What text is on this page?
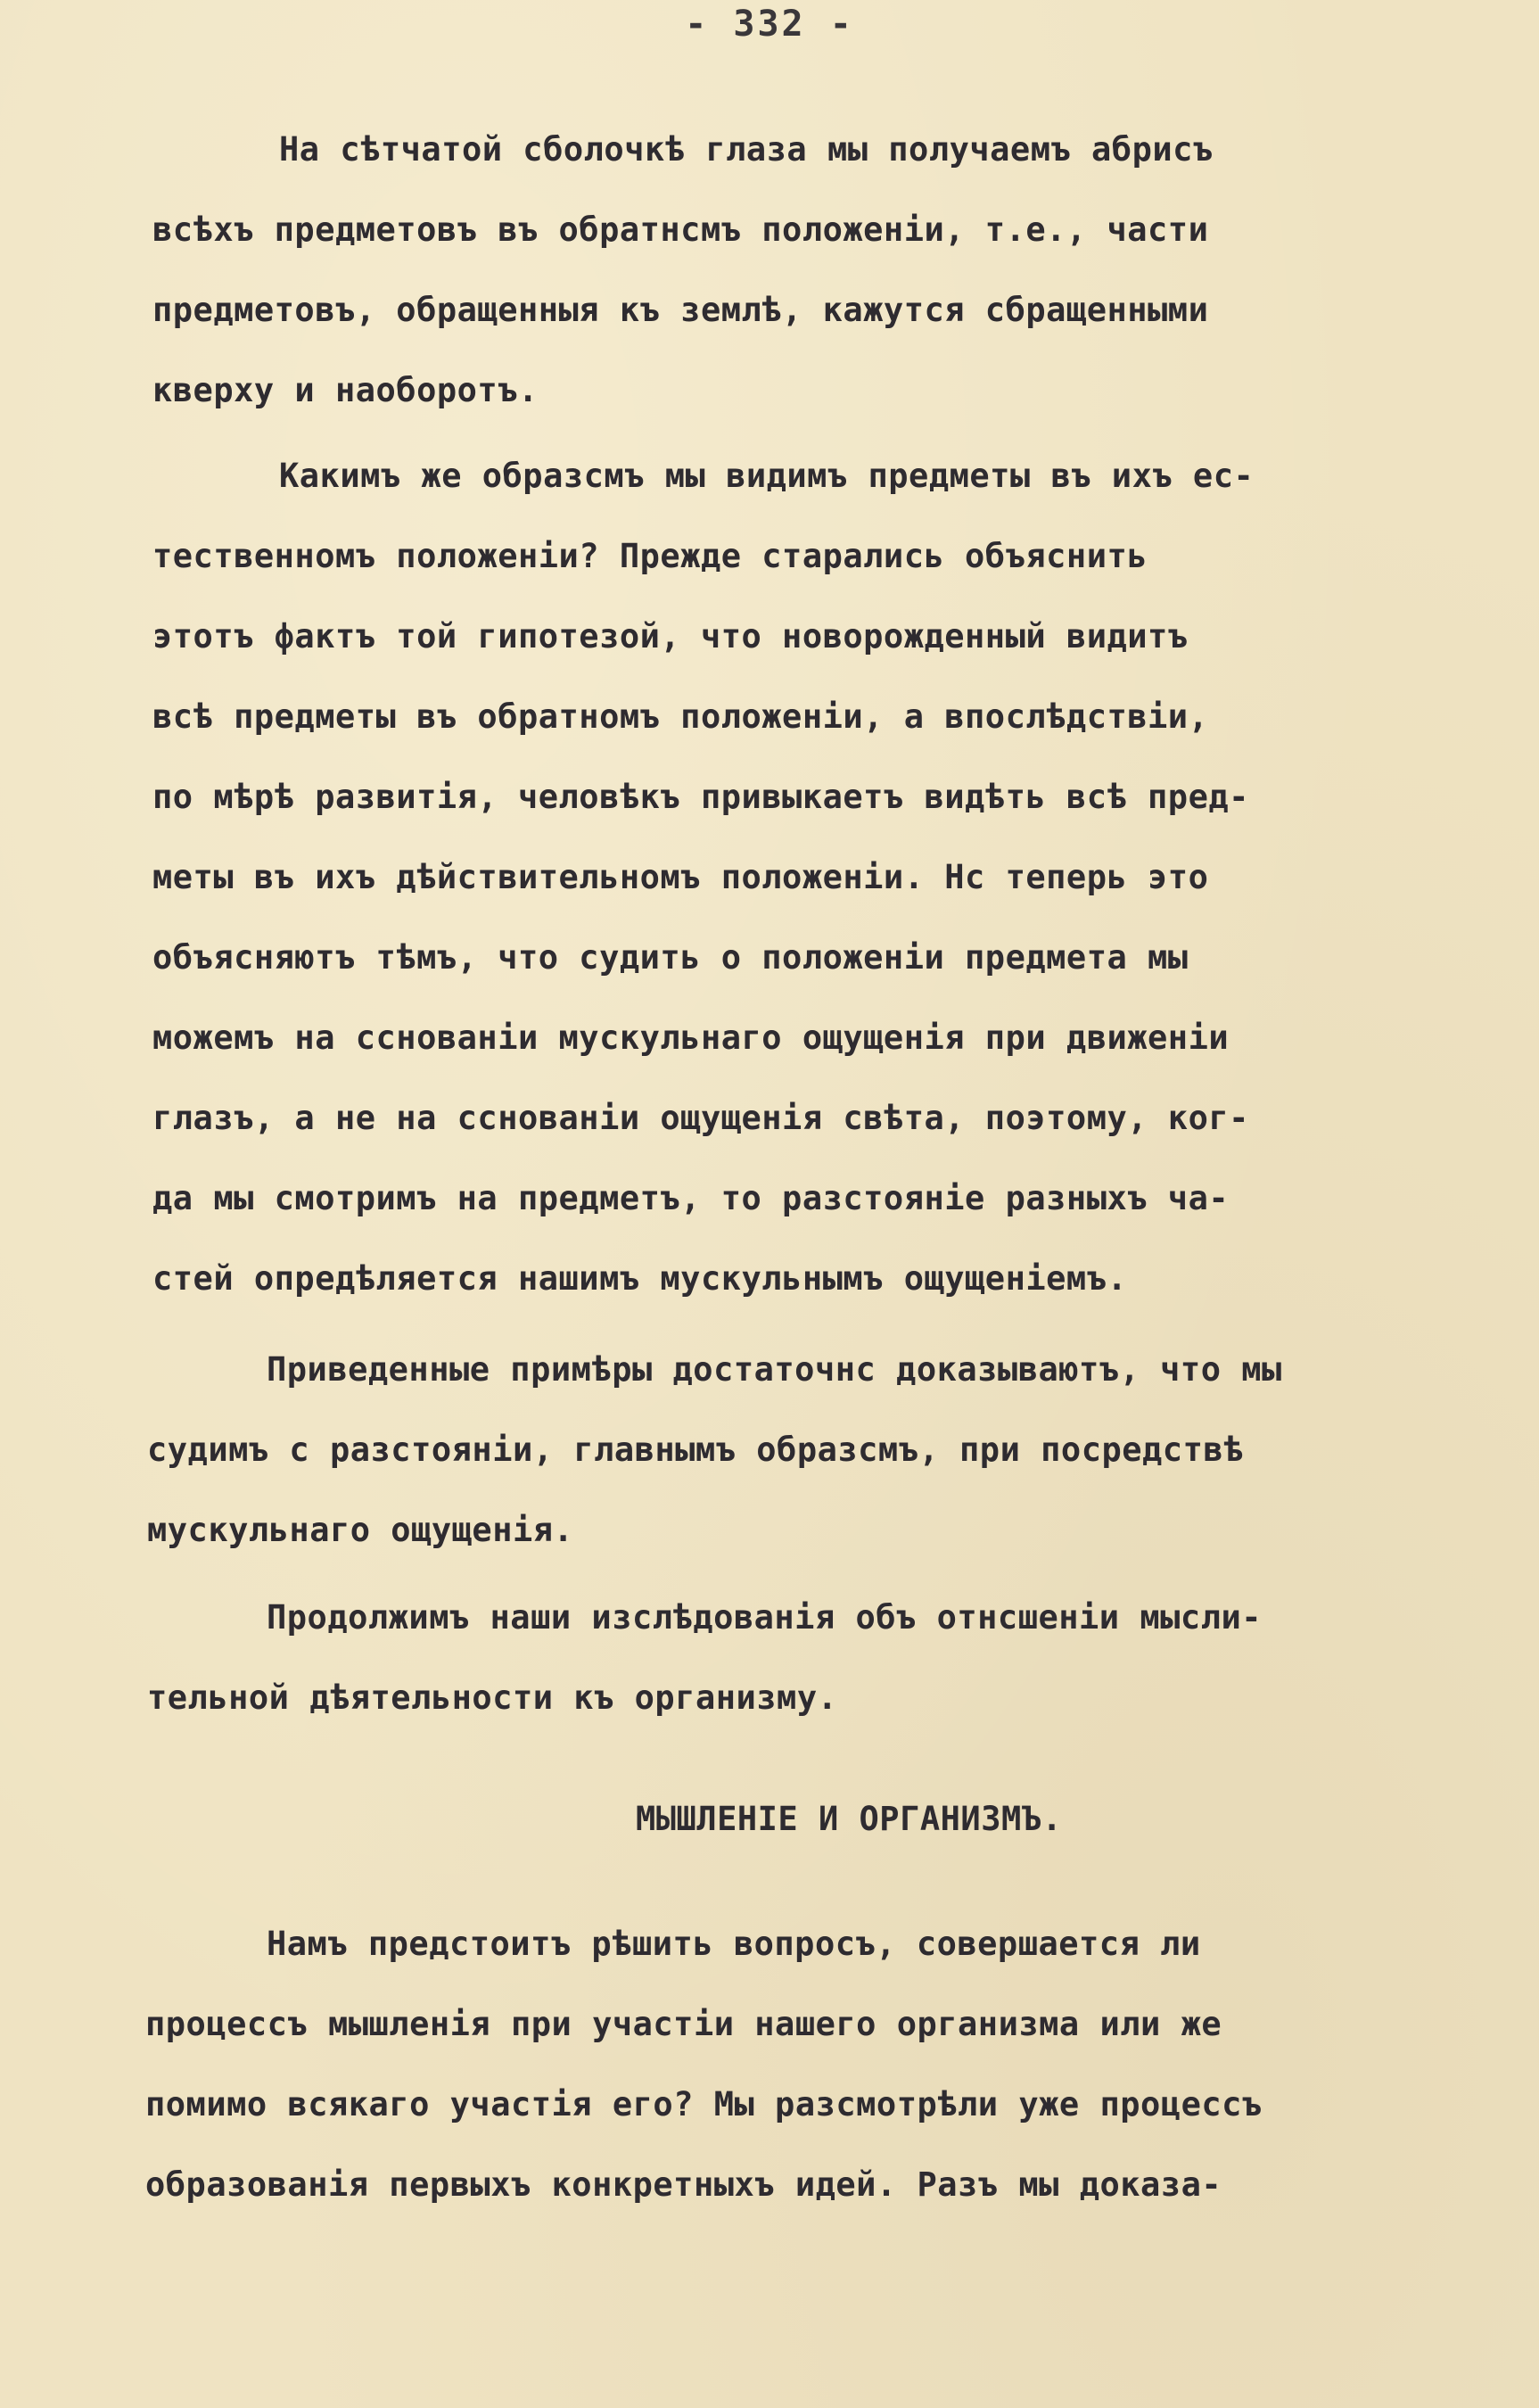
- 332 -
На сѣтчатой сболочкѣ глаза мы получаемъ абрисъ
всѣхъ предметовъ въ обратнсмъ положенiи, т.е., части
предметовъ, обращенныя къ землѣ, кажутся сбращенными
кверху и наоборотъ.
Какимъ же образсмъ мы видимъ предметы въ ихъ ес-
тественномъ положенiи? Прежде старались объяснить
этотъ фактъ той гипотезой, что новорожденный видитъ
всѣ предметы въ обратномъ положенiи, а впослѣдствiи,
по мѣрѣ развитiя, человѣкъ привыкаетъ видѣть всѣ пред-
меты въ ихъ дѣйствительномъ положенiи. Нс теперь это
объясняютъ тѣмъ, что судить о положенiи предмета мы
можемъ на сснованiи мускульнаго ощущенiя при движенiи
глазъ, а не на сснованiи ощущенiя свѣта, поэтому, ког-
да мы смотримъ на предметъ, то разстоянiе разныхъ ча-
стей опредѣляется нашимъ мускульнымъ ощущенiемъ.
Приведенные примѣры достаточнс доказываютъ, что мы
судимъ с разстоянiи, главнымъ образсмъ, при посредствѣ
мускульнаго ощущенiя.
Продолжимъ наши изслѣдованiя объ отнсшенiи мысли-
тельной дѣятельности къ организму.
МЫШЛЕНIЕ И ОРГАНИЗМЪ.
Намъ предстоитъ рѣшить вопросъ, совершается ли
процессъ мышленiя при участiи нашего организма или же
помимо всякаго участiя его? Мы разсмотрѣли уже процессъ
образованiя первыхъ конкретныхъ идей. Разъ мы доказа-
